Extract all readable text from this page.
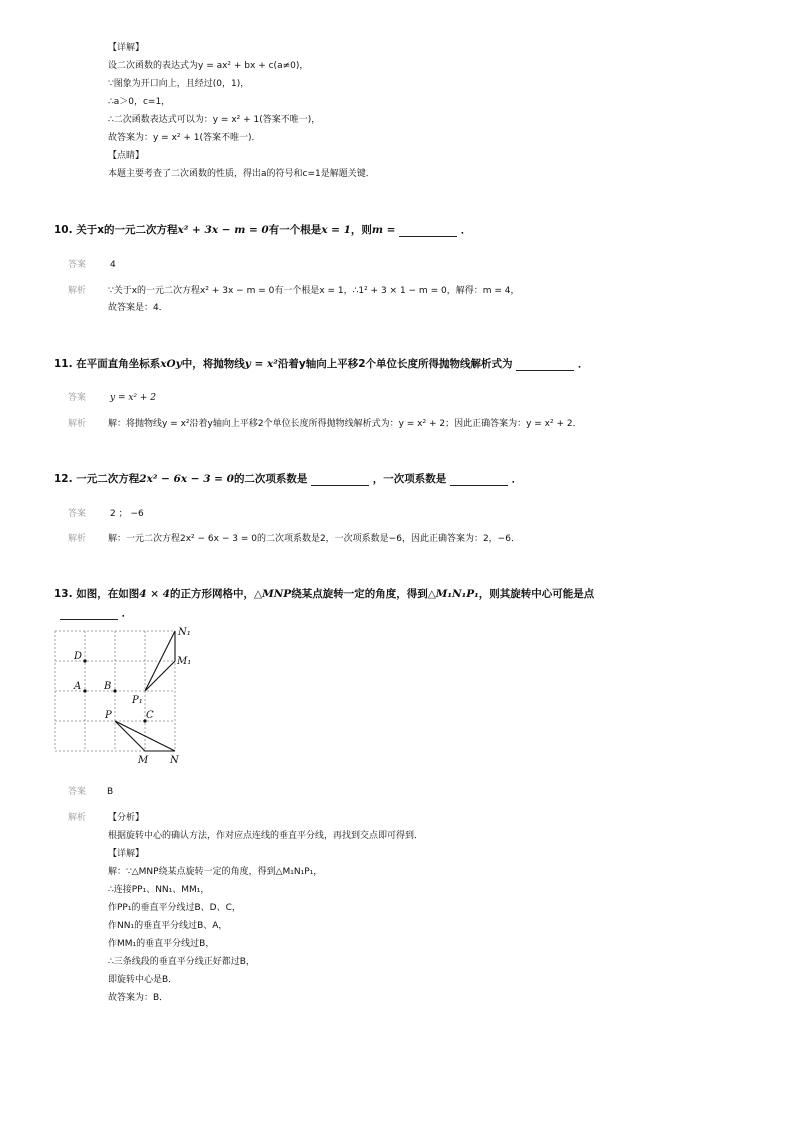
【详解】
设二次函数的表达式为y = ax² + bx + c(a≠0)，
∵图象为开口向上，且经过(0，1)，
∴a＞0，c=1，
∴二次函数表达式可以为：y = x² + 1(答案不唯一)，
故答案为：y = x² + 1(答案不唯一)．
【点睛】
本题主要考查了二次函数的性质，得出a的符号和c=1是解题关键．
10. 关于x的一元二次方程x² + 3x − m = 0有一个根是x = 1，则m =	．
答案	4
解析 ∵关于x的一元二次方程x² + 3x − m = 0有一个根是x = 1，∴1² + 3 × 1 − m = 0，解得：m = 4，
故答案是：4．
11. 在平面直角坐标系xOy中，将抛物线y = x²沿着y轴向上平移2个单位长度所得抛物线解析式为	．
答案	y = x² + 2
解析 解：将抛物线y = x²沿着y轴向上平移2个单位长度所得抛物线解析式为：y = x² + 2；因此正确答案为：y = x² + 2．
12. 一元二次方程2x² − 6x − 3 = 0的二次项系数是	，一次项系数是	．
答案	2 ； −6
解析 解：一元二次方程2x² − 6x − 3 = 0的二次项系数是2，一次项系数是−6，因此正确答案为：2，−6．
13. 如图，在如图4 × 4的正方形网格中，△MNP绕某点旋转一定的角度，得到△M₁N₁P₁，则其旋转中心可能是点
．
N₁
M₁
D
A B
P₁
P	C
M N
答案 B
解析 【分析】
根据旋转中心的确认方法，作对应点连线的垂直平分线，再找到交点即可得到．
【详解】
解：∵△MNP绕某点旋转一定的角度，得到△M₁N₁P₁，
∴连接PP₁、NN₁、MM₁，
作PP₁的垂直平分线过B、D、C，
作NN₁的垂直平分线过B、A，
作MM₁的垂直平分线过B，
∴三条线段的垂直平分线正好都过B，
即旋转中心是B．
故答案为：B．
